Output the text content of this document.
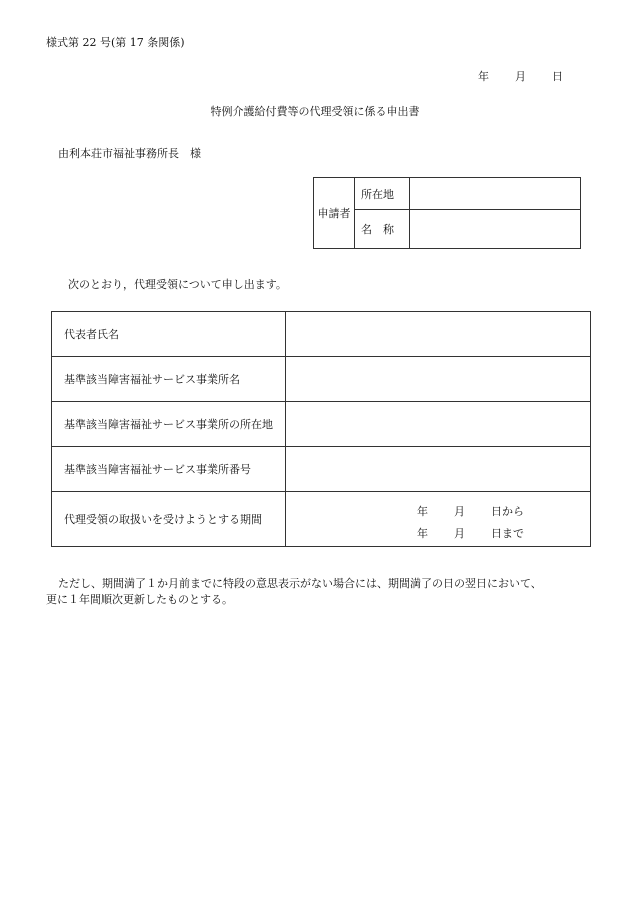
様式第 22 号(第 17 条関係)
年 月 日
特例介護給付費等の代理受領に係る申出書
由利本荘市福祉事務所長　様
申請者	所在地	
	名　称	
次のとおり，代理受領について申し出ます。
代表者氏名	
基準該当障害福祉サービス事業所名	
基準該当障害福祉サービス事業所の所在地	
基準該当障害福祉サービス事業所番号	
代理受領の取扱いを受けようとする期間	年 月 日から
年 月 日まで
ただし、期間満了１か月前までに特段の意思表示がない場合には、期間満了の日の翌日において、
更に１年間順次更新したものとする。
